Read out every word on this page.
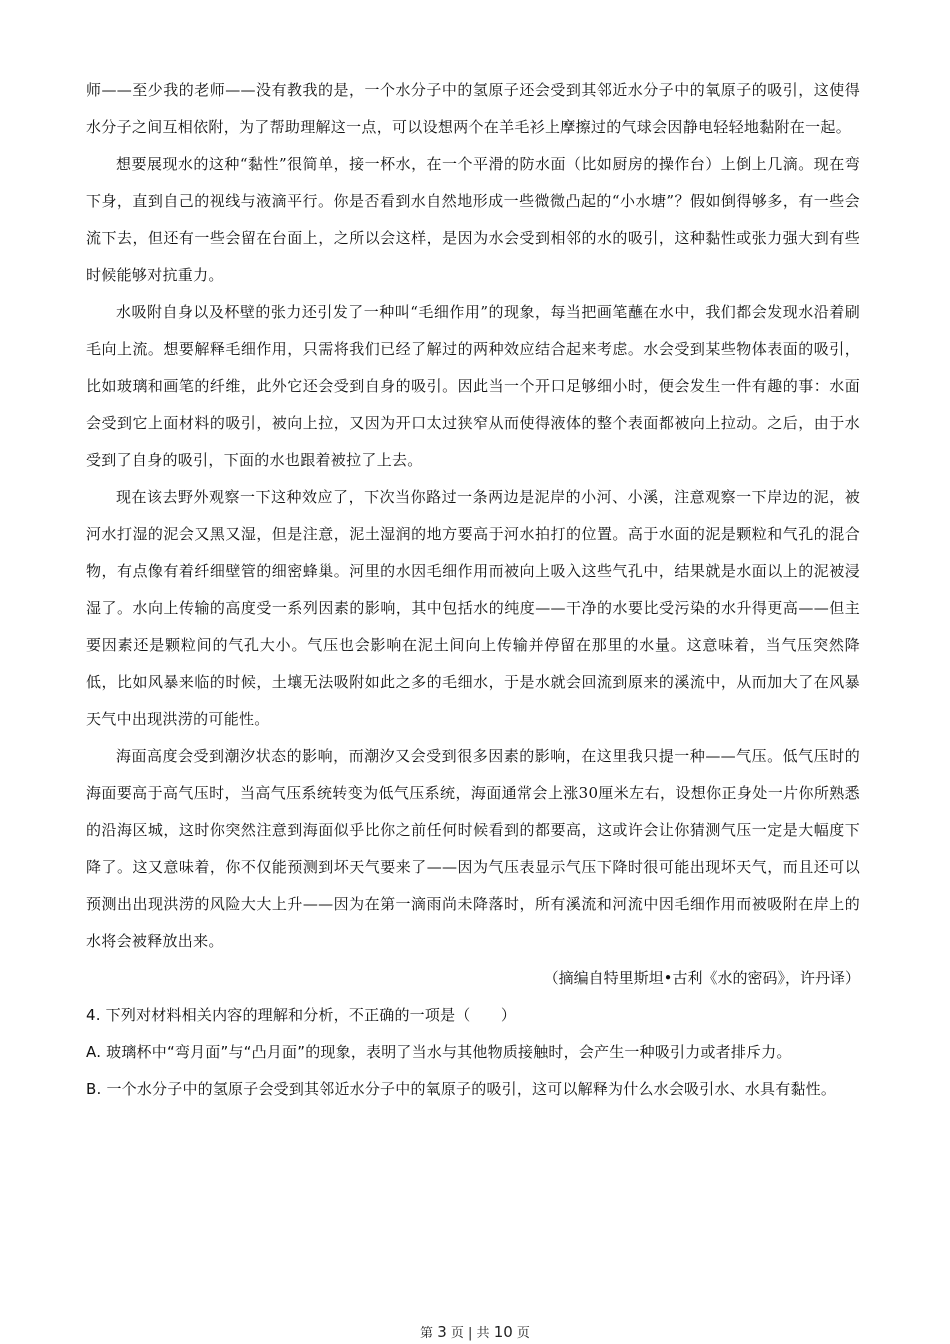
师——至少我的老师——没有教我的是，一个水分子中的氢原子还会受到其邻近水分子中的氧原子的吸引，这使得水分子之间互相依附，为了帮助理解这一点，可以设想两个在羊毛衫上摩擦过的气球会因静电轻轻地黏附在一起。

想要展现水的这种“黏性”很简单，接一杯水，在一个平滑的防水面（比如厨房的操作台）上倒上几滴。现在弯下身，直到自己的视线与液滴平行。你是否看到水自然地形成一些微微凸起的“小水塘”？假如倒得够多，有一些会流下去，但还有一些会留在台面上，之所以会这样，是因为水会受到相邻的水的吸引，这种黏性或张力强大到有些时候能够对抗重力。

水吸附自身以及杯壁的张力还引发了一种叫“毛细作用”的现象，每当把画笔蘸在水中，我们都会发现水沿着刷毛向上流。想要解释毛细作用，只需将我们已经了解过的两种效应结合起来考虑。水会受到某些物体表面的吸引，比如玻璃和画笔的纤维，此外它还会受到自身的吸引。因此当一个开口足够细小时，便会发生一件有趣的事：水面会受到它上面材料的吸引，被向上拉，又因为开口太过狭窄从而使得液体的整个表面都被向上拉动。之后，由于水受到了自身的吸引，下面的水也跟着被拉了上去。

现在该去野外观察一下这种效应了，下次当你路过一条两边是泥岸的小河、小溪，注意观察一下岸边的泥，被河水打湿的泥会又黑又湿，但是注意，泥土湿润的地方要高于河水拍打的位置。高于水面的泥是颗粒和气孔的混合物，有点像有着纤细壁管的细密蜂巢。河里的水因毛细作用而被向上吸入这些气孔中，结果就是水面以上的泥被浸湿了。水向上传输的高度受一系列因素的影响，其中包括水的纯度——干净的水要比受污染的水升得更高——但主要因素还是颗粒间的气孔大小。气压也会影响在泥土间向上传输并停留在那里的水量。这意味着，当气压突然降低，比如风暴来临的时候，土壤无法吸附如此之多的毛细水，于是水就会回流到原来的溪流中，从而加大了在风暴天气中出现洪涝的可能性。

海面高度会受到潮汐状态的影响，而潮汐又会受到很多因素的影响，在这里我只提一种——气压。低气压时的海面要高于高气压时，当高气压系统转变为低气压系统，海面通常会上涨30厘米左右，设想你正身处一片你所熟悉的沿海区城，这时你突然注意到海面似乎比你之前任何时候看到的都要高，这或许会让你猜测气压一定是大幅度下降了。这又意味着，你不仅能预测到坏天气要来了——因为气压表显示气压下降时很可能出现坏天气，而且还可以预测出出现洪涝的风险大大上升——因为在第一滴雨尚未降落时，所有溪流和河流中因毛细作用而被吸附在岸上的水将会被释放出来。

（摘编自特里斯坦•古利《水的密码》，许丹译）

4. 下列对材料相关内容的理解和分析，不正确的一项是（　　）

A. 玻璃杯中“弯月面”与“凸月面”的现象，表明了当水与其他物质接触时，会产生一种吸引力或者排斥力。

B. 一个水分子中的氢原子会受到其邻近水分子中的氧原子的吸引，这可以解释为什么水会吸引水、水具有黏性。

第 3 页 | 共 10 页
